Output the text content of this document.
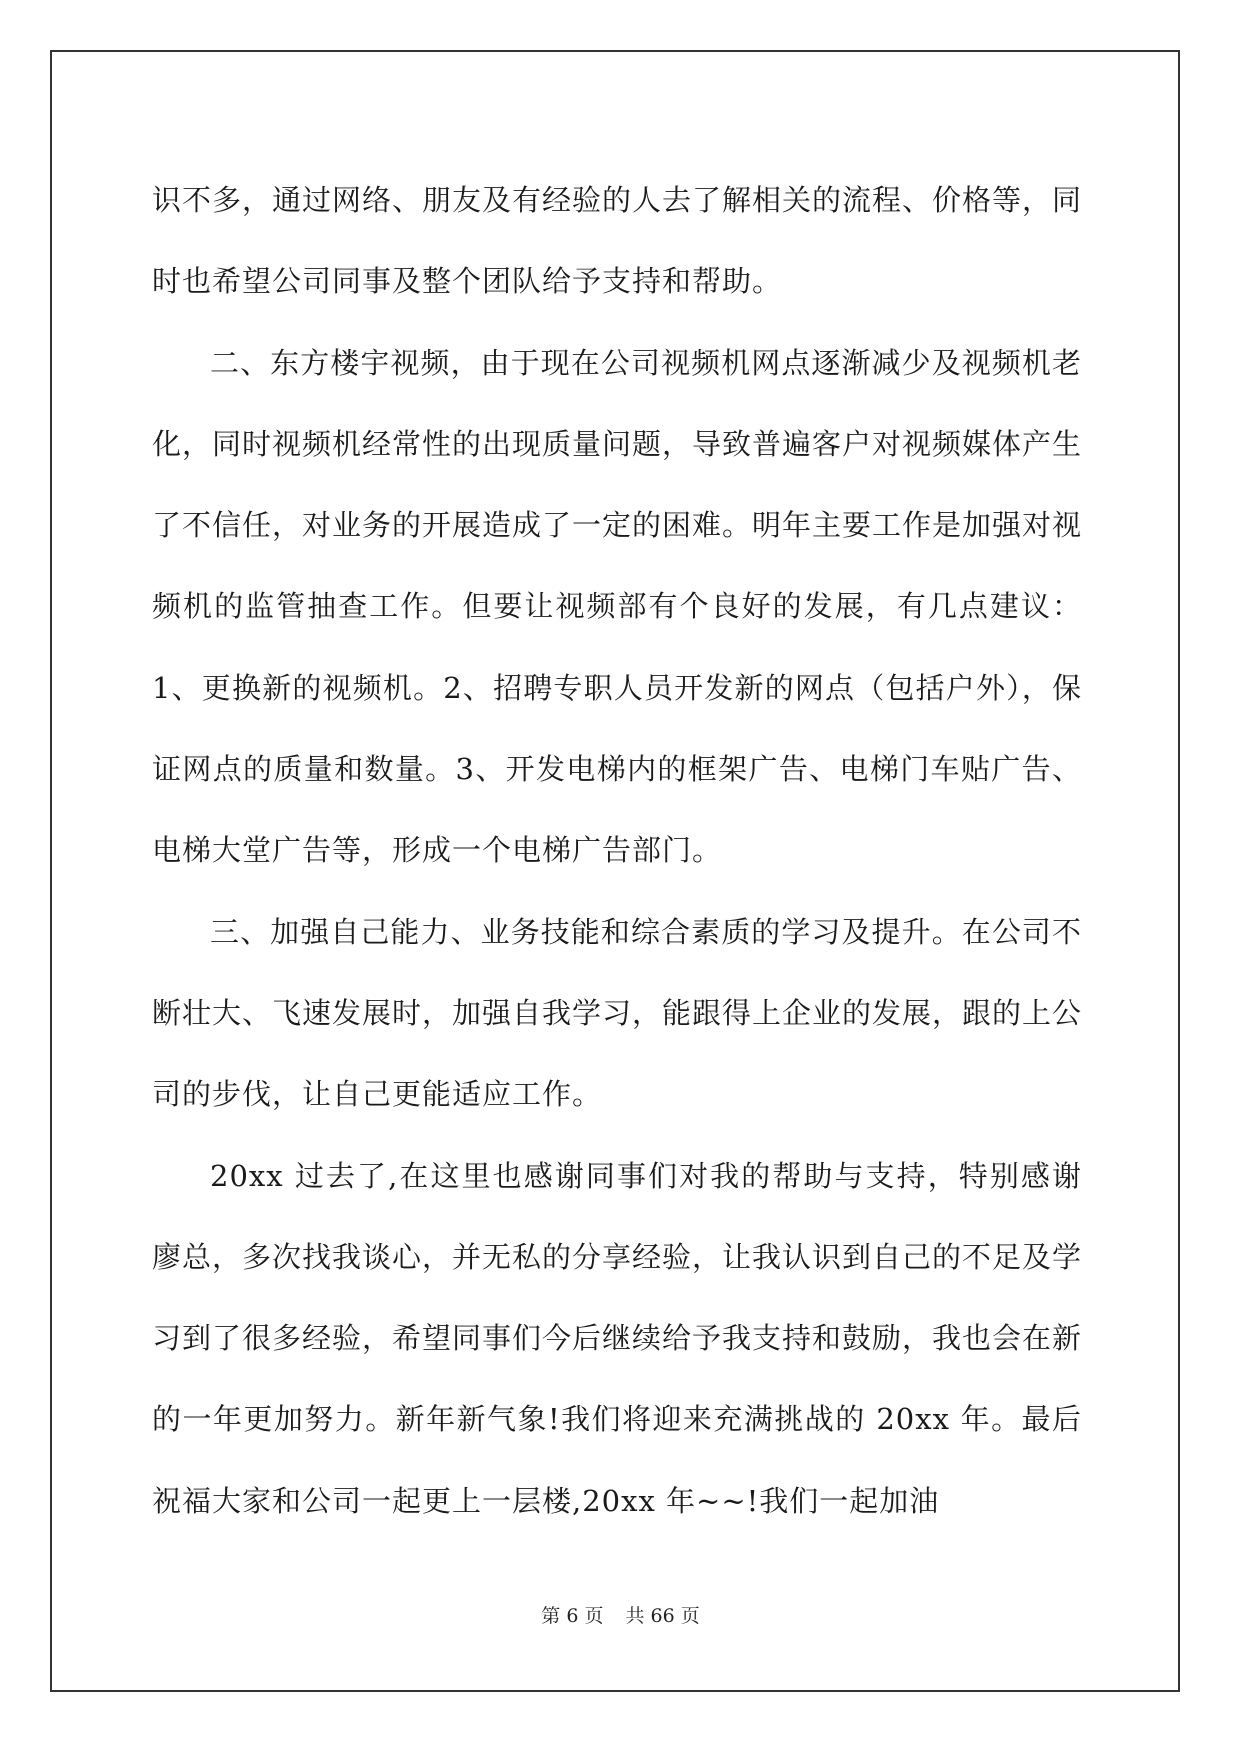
识不多，通过网络、朋友及有经验的人去了解相关的流程、价格等，同时也希望公司同事及整个团队给予支持和帮助。

二、东方楼宇视频，由于现在公司视频机网点逐渐减少及视频机老化，同时视频机经常性的出现质量问题，导致普遍客户对视频媒体产生了不信任，对业务的开展造成了一定的困难。明年主要工作是加强对视频机的监管抽查工作。但要让视频部有个良好的发展，有几点建议：1、更换新的视频机。2、招聘专职人员开发新的网点（包括户外），保证网点的质量和数量。3、开发电梯内的框架广告、电梯门车贴广告、电梯大堂广告等，形成一个电梯广告部门。

三、加强自己能力、业务技能和综合素质的学习及提升。在公司不断壮大、飞速发展时，加强自我学习，能跟得上企业的发展，跟的上公司的步伐，让自己更能适应工作。

20xx 过去了,在这里也感谢同事们对我的帮助与支持，特别感谢廖总，多次找我谈心，并无私的分享经验，让我认识到自己的不足及学习到了很多经验，希望同事们今后继续给予我支持和鼓励，我也会在新的一年更加努力。新年新气象!我们将迎来充满挑战的 20xx 年。最后祝福大家和公司一起更上一层楼,20xx 年~~!我们一起加油

第 6 页 共 66 页
